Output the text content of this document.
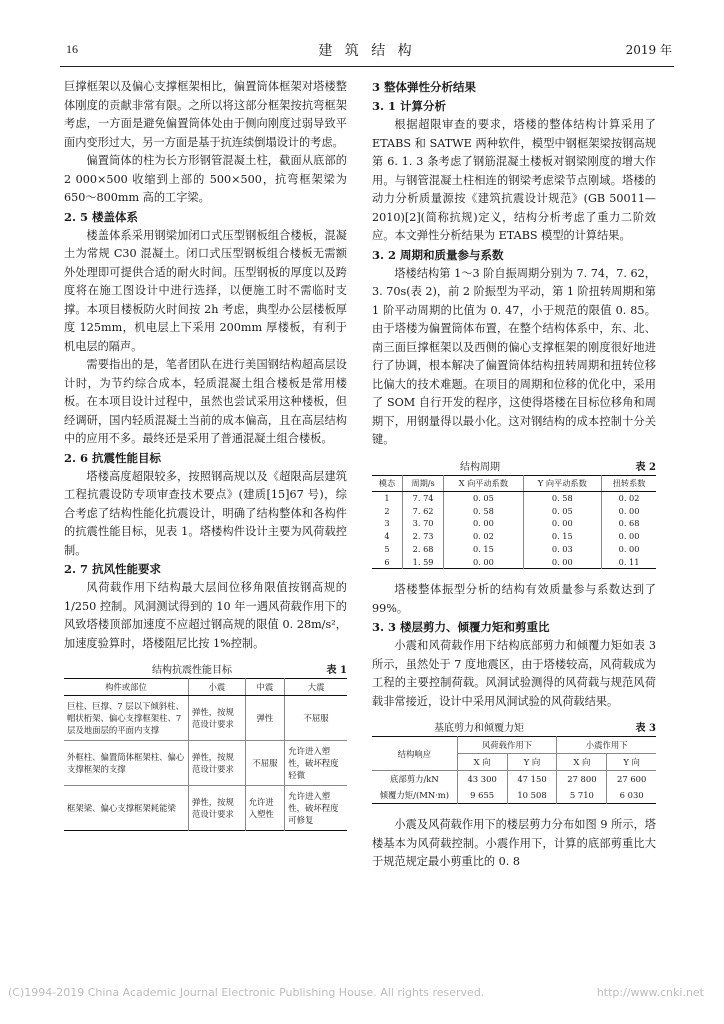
16	建 筑 结 构	2019 年

巨撑框架以及偏心支撑框架相比，偏置筒体框架对塔楼整体刚度的贡献非常有限。之所以将这部分框架按抗弯框架考虑，一方面是避免偏置筒体处由于侧向刚度过弱导致平面内变形过大，另一方面是基于抗连续倒塌设计的考虑。

偏置筒体的柱为长方形钢管混凝土柱，截面从底部的 2 000×500 收缩到上部的 500×500，抗弯框架梁为 650～800mm 高的工字梁。

2. 5 楼盖体系

楼盖体系采用钢梁加闭口式压型钢板组合楼板，混凝土为常规 C30 混凝土。闭口式压型钢板组合楼板无需额外处理即可提供合适的耐火时间。压型钢板的厚度以及跨度将在施工图设计中进行选择，以便施工时不需临时支撑。本项目楼板防火时间按 2h 考虑，典型办公层楼板厚度 125mm，机电层上下采用 200mm 厚楼板，有利于机电层的隔声。

需要指出的是，笔者团队在进行美国钢结构超高层设计时，为节约综合成本，轻质混凝土组合楼板是常用楼板。在本项目设计过程中，虽然也尝试采用这种楼板，但经调研，国内轻质混凝土当前的成本偏高，且在高层结构中的应用不多。最终还是采用了普通混凝土组合楼板。

2. 6 抗震性能目标

塔楼高度超限较多，按照钢高规以及《超限高层建筑工程抗震设防专项审查技术要点》(建质[15]67 号)，综合考虑了结构性能化抗震设计，明确了结构整体和各构件的抗震性能目标，见表 1。塔楼构件设计主要为风荷载控制。

2. 7 抗风性能要求

风荷载作用下结构最大层间位移角限值按钢高规的 1/250 控制。风洞测试得到的 10 年一遇风荷载作用下的风致塔楼顶部加速度不应超过钢高规的限值 0. 28m/s²，加速度验算时，塔楼阻尼比按 1%控制。

结构抗震性能目标	表 1
构件或部位	小震	中震	大震
巨柱、巨撑、7 层以下倾斜柱、帽状桁架、偏心支撑框架柱、7 层及地面层的平面内支撑	弹性，按规范设计要求	弹性	不屈服
外框柱、偏置筒体框架柱、偏心支撑框架的支撑	弹性，按规范设计要求	不屈服	允许进入塑性，破坏程度轻微
框架梁、偏心支撑框架耗能梁	弹性，按规范设计要求	允许进入塑性	允许进入塑性，破坏程度可修复
3 整体弹性分析结果
3. 1 计算分析

根据超限审查的要求，塔楼的整体结构计算采用了 ETABS 和 SATWE 两种软件，模型中钢框架梁按钢高规第 6. 1. 3 条考虑了钢筋混凝土楼板对钢梁刚度的增大作用。与钢管混凝土柱相连的钢梁考虑梁节点刚域。塔楼的动力分析质量源按《建筑抗震设计规范》(GB 50011—2010)[2](简称抗规)定义，结构分析考虑了重力二阶效应。本文弹性分析结果为 ETABS 模型的计算结果。

3. 2 周期和质量参与系数

塔楼结构第 1～3 阶自振周期分别为 7. 74，7. 62，3. 70s(表 2)，前 2 阶振型为平动，第 1 阶扭转周期和第 1 阶平动周期的比值为 0. 47，小于规范的限值 0. 85。由于塔楼为偏置筒体布置，在整个结构体系中，东、北、南三面巨撑框架以及西侧的偏心支撑框架的刚度很好地进行了协调，根本解决了偏置筒体结构扭转周期和扭转位移比偏大的技术难题。在项目的周期和位移的优化中，采用了 SOM 自行开发的程序，这使得塔楼在目标位移角和周期下，用钢量得以最小化。这对钢结构的成本控制十分关键。

结构周期	表 2
模态	周期/s	X 向平动系数	Y 向平动系数	扭转系数
1	7. 74	0. 05	0. 58	0. 02
2	7. 62	0. 58	0. 05	0. 00
3	3. 70	0. 00	0. 00	0. 68
4	2. 73	0. 02	0. 15	0. 00
5	2. 68	0. 15	0. 03	0. 00
6	1. 59	0. 00	0. 00	0. 11

塔楼整体振型分析的结构有效质量参与系数达到了 99%。

3. 3 楼层剪力、倾覆力矩和剪重比

小震和风荷载作用下结构底部剪力和倾覆力矩如表 3 所示，虽然处于 7 度地震区，由于塔楼较高，风荷载成为工程的主要控制荷载。风洞试验测得的风荷载与规范风荷载非常接近，设计中采用风洞试验的风荷载结果。

基底剪力和倾覆力矩	表 3
结构响应	风荷载作用下		小震作用下	
	X 向	Y 向	X 向	Y 向
底部剪力/kN	43 300	47 150	27 800	27 600
倾覆力矩/(MN·m)	9 655	10 508	5 710	6 030

小震及风荷载作用下的楼层剪力分布如图 9 所示，塔楼基本为风荷载控制。小震作用下，计算的底部剪重比大于规范规定最小剪重比的 0. 8

(C)1994-2019 China Academic Journal Electronic Publishing House. All rights reserved.	http://www.cnki.net
